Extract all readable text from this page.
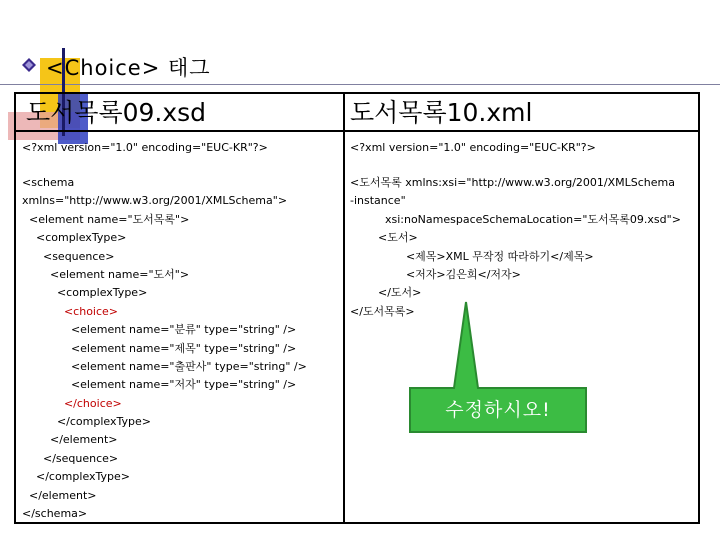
<Choice> 태그
도서목록09.xsd	도서목록10.xml
<?xml version="1.0" encoding="EUC-KR"?>
<schema
xmlns="http://www.w3.org/2001/XMLSchema">
<element name="도서목록">
<complexType>
<sequence>
<element name="도서">
<complexType>
<choice>
<element name="분류" type="string" />
<element name="제목" type="string" />
<element name="출판사" type="string" />
<element name="저자" type="string" />
</choice>
</complexType>
</element>
</sequence>
</complexType>
</element>
</schema>
<?xml version="1.0" encoding="EUC-KR"?>
<도서목록 xmlns:xsi="http://www.w3.org/2001/XMLSchema
-instance"
xsi:noNamespaceSchemaLocation="도서목록09.xsd">
<도서>
<제목>XML 무작정 따라하기</제목>
<저자>김은희</저자>
</도서>
</도서목록>
수정하시오!
